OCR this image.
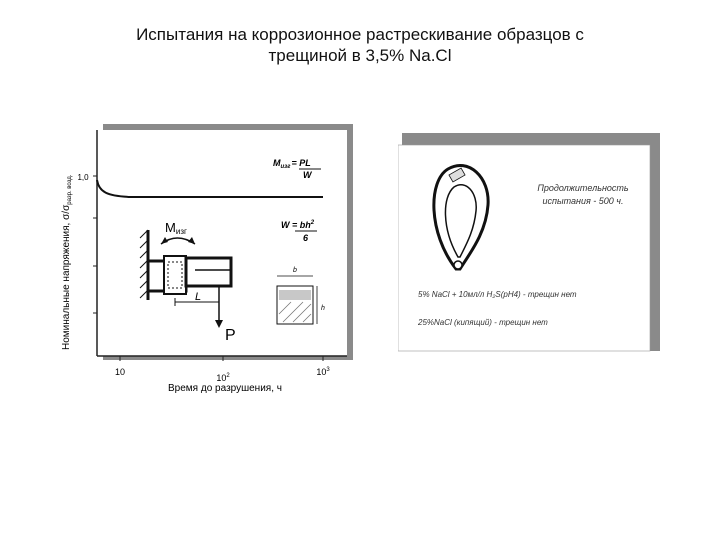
Испытания на коррозионное растрескивание образцов с
трещиной в 3,5% Na.Cl
1,0
$M_{изг}=$ PL
W
$W = bh^2$
6
Mизг
L
P
b
h
10
$10^2$	$10^3$
Время до разрушения, ч
Номинальные напряжения, $\sigma/\sigma_{разр. возд.}$	Продолжительность
испытания - 500 ч.
5% NaCl + 10мл/л H₂S(pH4) - трещин нет
25%NaCl (кипящий) - трещин нет
